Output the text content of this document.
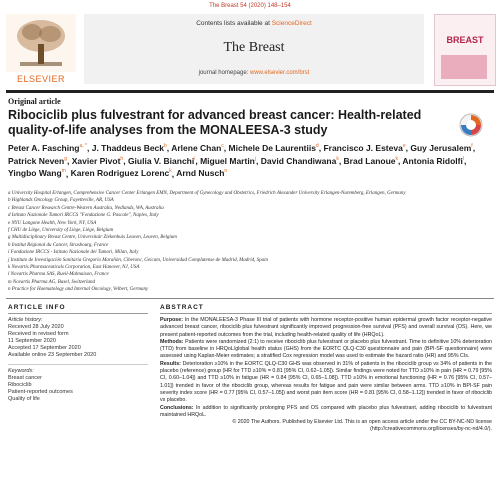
The Breast 54 (2020) 148–154
ELSEVIER
Contents lists available at ScienceDirect
The Breast
journal homepage: www.elsevier.com/brst
BREAST
Original article
Ribociclib plus fulvestrant for advanced breast cancer: Health-related quality-of-life analyses from the MONALEESA-3 study
Peter A. Fasching$^{a, *}$, J. Thaddeus Beck$^b$, Arlene Chan$^c$, Michele De Laurentiis$^d$, Francisco J. Esteva$^e$, Guy Jerusalem$^f$, Patrick Neven$^g$, Xavier Pivot$^h$, Giulia V. Bianchi$^i$, Miguel Martin$^j$, David Chandiwana$^k$, Brad Lanoue$^k$, Antonia Ridolfi$^l$, Yingbo Wang$^m$, Karen Rodriguez Lorenc$^k$, Arnd Nusch$^n$
a University Hospital Erlangen, Comprehensive Cancer Center Erlangen EMN, Department of Gynecology and Obstetrics, Friedrich Alexander University Erlangen-Nuremberg, Erlangen, Germany
b Highlands Oncology Group, Fayetteville, AR, USA
c Breast Cancer Research Centre-Western Australia, Nedlands, WA, Australia
d Istituto Nazionale Tumori IRCCS "Fondazione G. Pascale", Naples, Italy
e NYU Langone Health, New York, NY, USA
f CHU de Liège, University of Liège, Liège, Belgium
g Multidisciplinary Breast Centre, Universitair Ziekenhuis Leuven, Leuven, Belgium
h Institut Régional du Cancer, Strasbourg, France
i Fondazione IRCCS - Istituto Nazionale dei Tumori, Milan, Italy
j Instituto de Investigación Sanitaria Gregorio Marañón, Ciberonc, Geicam, Universidad Complutense de Madrid, Madrid, Spain
k Novartis Pharmaceuticals Corporation, East Hanover, NJ, USA
l Novartis Pharma SAS, Rueil-Malmaison, France
m Novartis Pharma AG, Basel, Switzerland
n Practice for Haematology and Internal Oncology, Velbert, Germany
ARTICLE INFO
Article history:
Received 28 July 2020
Received in revised form
11 September 2020
Accepted 17 September 2020
Available online 23 September 2020
Keywords:
Breast cancer
Ribociclib
Patient-reported outcomes
Quality of life
ABSTRACT
Purpose: In the MONALEESA-3 Phase III trial of patients with hormone receptor-positive human epidermal growth factor receptor-negative advanced breast cancer, ribociclib plus fulvestrant significantly improved progression-free survival (PFS) and overall survival (OS). Here, we present patient-reported outcomes from the trial, including health-related quality of life (HRQoL).
Methods: Patients were randomized (2:1) to receive ribociclib plus fulvestrant or placebo plus fulvestrant. Time to definitive 10% deterioration (TTD) from baseline in HRQoL/global health status (GHS) from the EORTC QLQ-C30 questionnaire and pain (BPI-SF questionnaire) were assessed using Kaplan-Meier estimates; a stratified Cox regression model was used to estimate the hazard ratio (HR) and 95% CIs.
Results: Deterioration ≥10% in the EORTC QLQ-C30 GHS was observed in 31% of patients in the ribociclib group vs 34% of patients in the placebo (reference) group (HR for TTD ≥10% = 0.81 [95% CI, 0.62–1.05]). Similar findings were noted for TTD ≥10% in pain (HR = 0.79 [95% CI, 0.60–1.04]) and TTD ≥10% in fatigue (HR = 0.84 [95% CI, 0.65–1.08]). TTD ≥10% in emotional functioning (HR = 0.76 [95% CI, 0.57–1.01]) trended in favor of the ribociclib group, whereas results for fatigue and pain were similar between arms. TTD ≥10% in BPI-SF pain severity index score (HR = 0.77 [95% CI, 0.57–1.05]) and worst pain item score (HR = 0.81 [95% CI, 0.58–1.12]) trended in favor of ribociclib vs placebo.
Conclusions: In addition to significantly prolonging PFS and OS compared with placebo plus fulvestrant, adding ribociclib to fulvestrant maintained HRQoL.

© 2020 The Authors. Published by Elsevier Ltd. This is an open access article under the CC BY-NC-ND license (http://creativecommons.org/licenses/by-nc-nd/4.0/).
